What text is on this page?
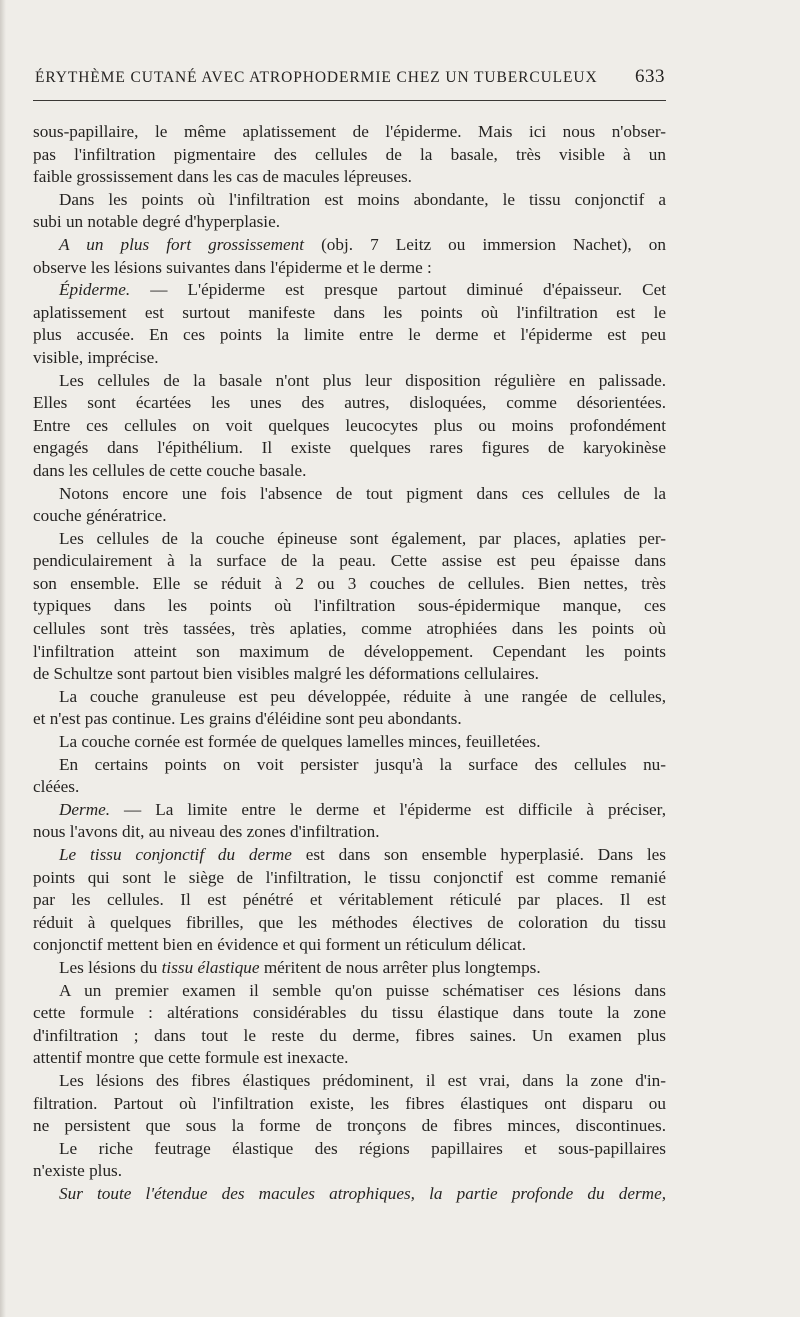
ÉRYTHÈME CUTANÉ AVEC ATROPHODERMIE CHEZ UN TUBERCULEUX 633
sous-papillaire, le même aplatissement de l'épiderme. Mais ici nous n'obser-
pas l'infiltration pigmentaire des cellules de la basale, très visible à un
faible grossissement dans les cas de macules lépreuses.
Dans les points où l'infiltration est moins abondante, le tissu conjonctif a
subi un notable degré d'hyperplasie.
A un plus fort grossissement (obj. 7 Leitz ou immersion Nachet), on
observe les lésions suivantes dans l'épiderme et le derme :
Épiderme. — L'épiderme est presque partout diminué d'épaisseur. Cet
aplatissement est surtout manifeste dans les points où l'infiltration est le
plus accusée. En ces points la limite entre le derme et l'épiderme est peu
visible, imprécise.
Les cellules de la basale n'ont plus leur disposition régulière en palissade.
Elles sont écartées les unes des autres, disloquées, comme désorientées.
Entre ces cellules on voit quelques leucocytes plus ou moins profondément
engagés dans l'épithélium. Il existe quelques rares figures de karyokinèse
dans les cellules de cette couche basale.
Notons encore une fois l'absence de tout pigment dans ces cellules de la
couche génératrice.
Les cellules de la couche épineuse sont également, par places, aplaties per-
pendiculairement à la surface de la peau. Cette assise est peu épaisse dans
son ensemble. Elle se réduit à 2 ou 3 couches de cellules. Bien nettes, très
typiques dans les points où l'infiltration sous-épidermique manque, ces
cellules sont très tassées, très aplaties, comme atrophiées dans les points où
l'infiltration atteint son maximum de développement. Cependant les points
de Schultze sont partout bien visibles malgré les déformations cellulaires.
La couche granuleuse est peu développée, réduite à une rangée de cellules,
et n'est pas continue. Les grains d'éléidine sont peu abondants.
La couche cornée est formée de quelques lamelles minces, feuilletées.
En certains points on voit persister jusqu'à la surface des cellules nu-
cléées.
Derme. — La limite entre le derme et l'épiderme est difficile à préciser,
nous l'avons dit, au niveau des zones d'infiltration.
Le tissu conjonctif du derme est dans son ensemble hyperplasié. Dans les
points qui sont le siège de l'infiltration, le tissu conjonctif est comme remanié
par les cellules. Il est pénétré et véritablement réticulé par places. Il est
réduit à quelques fibrilles, que les méthodes électives de coloration du tissu
conjonctif mettent bien en évidence et qui forment un réticulum délicat.
Les lésions du tissu élastique méritent de nous arrêter plus longtemps.
A un premier examen il semble qu'on puisse schématiser ces lésions dans
cette formule : altérations considérables du tissu élastique dans toute la zone
d'infiltration ; dans tout le reste du derme, fibres saines. Un examen plus
attentif montre que cette formule est inexacte.
Les lésions des fibres élastiques prédominent, il est vrai, dans la zone d'in-
filtration. Partout où l'infiltration existe, les fibres élastiques ont disparu ou
ne persistent que sous la forme de tronçons de fibres minces, discontinues.
Le riche feutrage élastique des régions papillaires et sous-papillaires
n'existe plus.
Sur toute l'étendue des macules atrophiques, la partie profonde du derme,
